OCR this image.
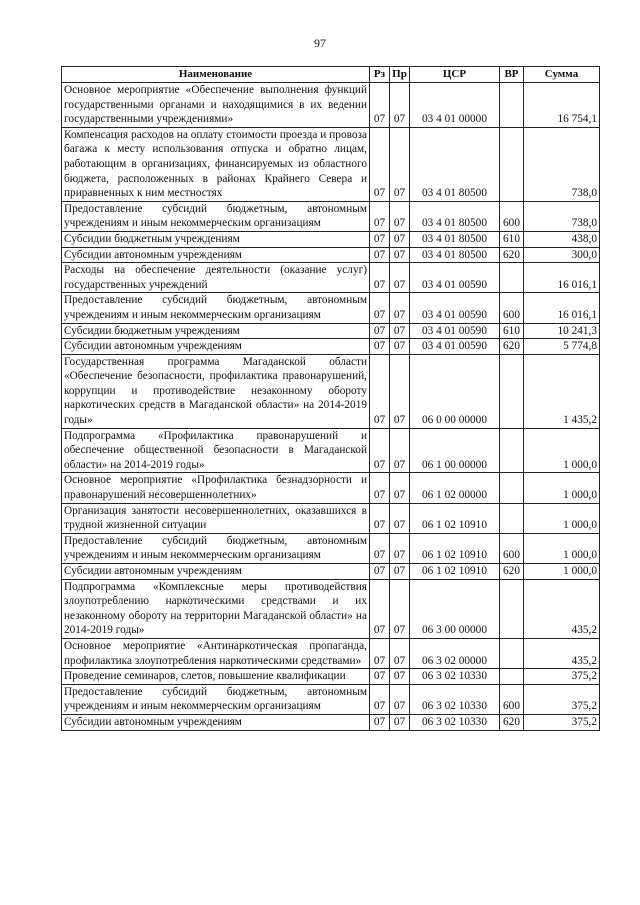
97
Наименование	Рз	Пр	ЦСР	ВР	Сумма
Основное мероприятие «Обеспечение выполнения функций государственными органами и находящимися в их ведении государственными учреждениями»	07	07	03 4 01 00000		16 754,1
Компенсация расходов на оплату стоимости проезда и провоза багажа к месту использования отпуска и обратно лицам, работающим в организациях, финансируемых из областного бюджета, расположенных в районах Крайнего Севера и приравненных к ним местностях	07	07	03 4 01 80500		738,0
Предоставление субсидий бюджетным, автономным учреждениям и иным некоммерческим организациям	07	07	03 4 01 80500	600	738,0
Субсидии бюджетным учреждениям	07	07	03 4 01 80500	610	438,0
Субсидии автономным учреждениям	07	07	03 4 01 80500	620	300,0
Расходы на обеспечение деятельности (оказание услуг) государственных учреждений	07	07	03 4 01 00590		16 016,1
Предоставление субсидий бюджетным, автономным учреждениям и иным некоммерческим организациям	07	07	03 4 01 00590	600	16 016,1
Субсидии бюджетным учреждениям	07	07	03 4 01 00590	610	10 241,3
Субсидии автономным учреждениям	07	07	03 4 01 00590	620	5 774,8
Государственная программа Магаданской области «Обеспечение безопасности, профилактика правонарушений, коррупции и противодействие незаконному обороту наркотических средств в Магаданской области» на 2014-2019 годы»	07	07	06 0 00 00000		1 435,2
Подпрограмма «Профилактика правонарушений и обеспечение общественной безопасности в Магаданской области» на 2014-2019 годы»	07	07	06 1 00 00000		1 000,0
Основное мероприятие «Профилактика безнадзорности и правонарушений несовершеннолетних»	07	07	06 1 02 00000		1 000,0
Организация занятости несовершеннолетних, оказавшихся в трудной жизненной ситуации	07	07	06 1 02 10910		1 000,0
Предоставление субсидий бюджетным, автономным учреждениям и иным некоммерческим организациям	07	07	06 1 02 10910	600	1 000,0
Субсидии автономным учреждениям	07	07	06 1 02 10910	620	1 000,0
Подпрограмма «Комплексные меры противодействия злоупотреблению наркотическими средствами и их незаконному обороту на территории Магаданской области» на 2014-2019 годы»	07	07	06 3 00 00000		435,2
Основное мероприятие «Антинаркотическая пропаганда, профилактика злоупотребления наркотическими средствами»	07	07	06 3 02 00000		435,2
Проведение семинаров, слетов, повышение квалификации	07	07	06 3 02 10330		375,2
Предоставление субсидий бюджетным, автономным учреждениям и иным некоммерческим организациям	07	07	06 3 02 10330	600	375,2
Субсидии автономным учреждениям	07	07	06 3 02 10330	620	375,2
